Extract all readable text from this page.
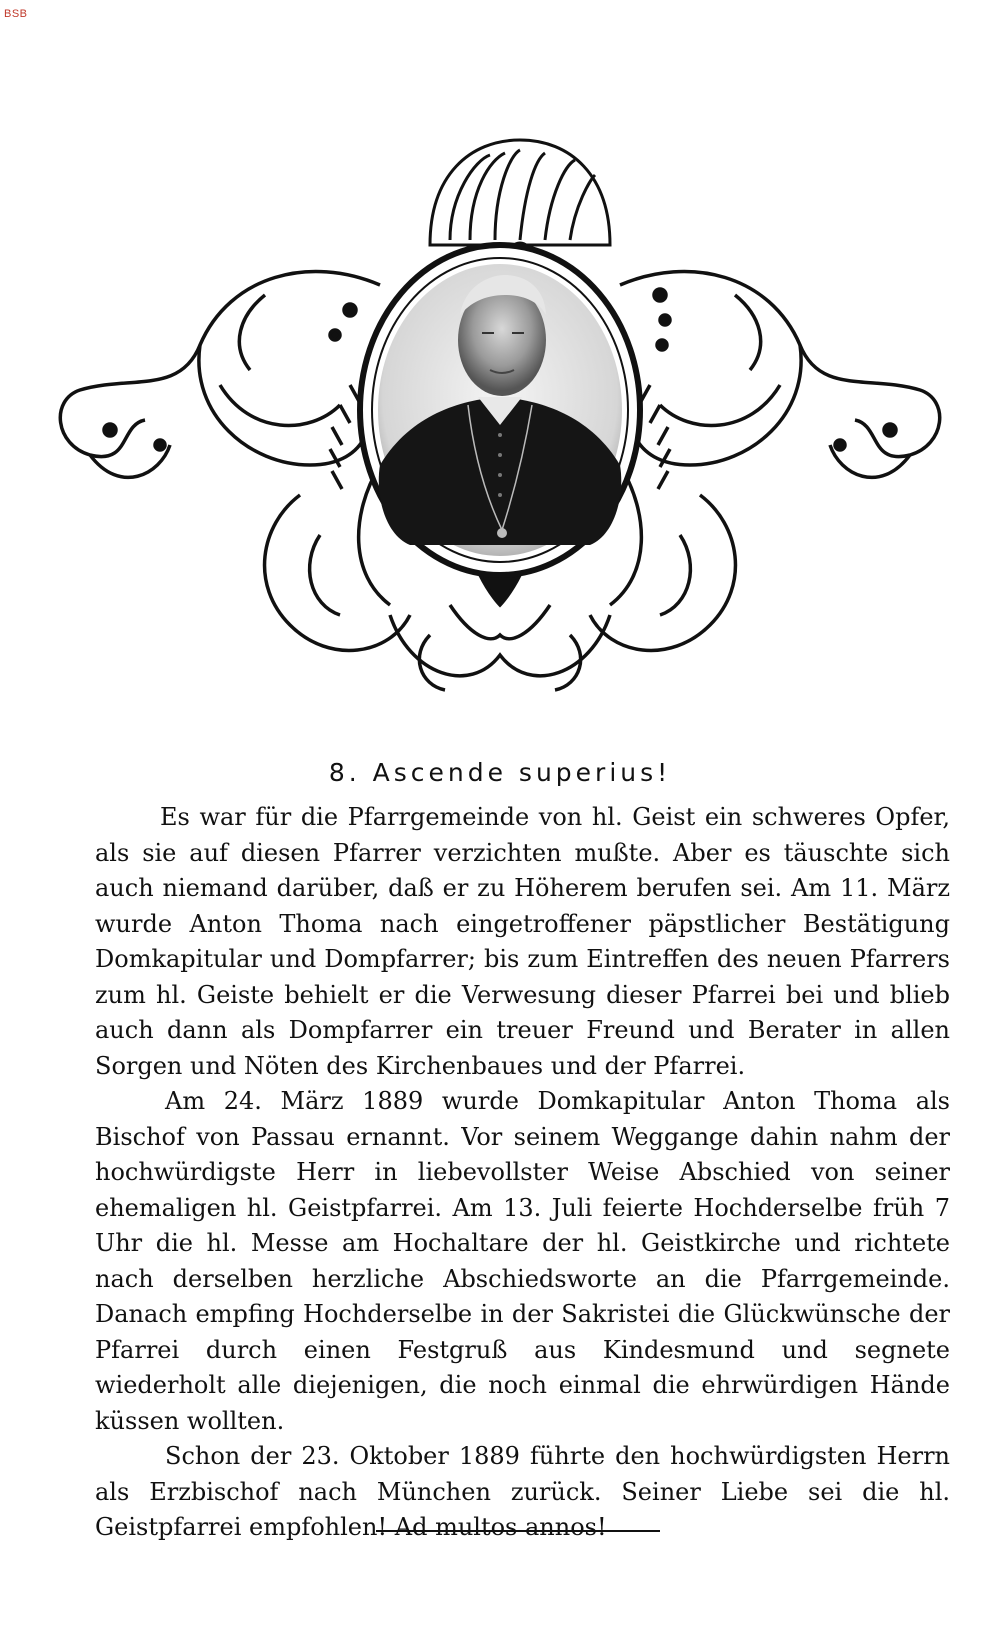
BSB
8. Ascende superius!

Es war für die Pfarrgemeinde von hl. Geist ein schweres Opfer, als sie auf diesen Pfarrer verzichten mußte. Aber es täuschte sich auch niemand darüber, daß er zu Höherem berufen sei. Am 11. März wurde Anton Thoma nach eingetroffener päpstlicher Bestätigung Domkapitular und Dompfarrer; bis zum Eintreffen des neuen Pfarrers zum hl. Geiste behielt er die Verwesung dieser Pfarrei bei und blieb auch dann als Dompfarrer ein treuer Freund und Berater in allen Sorgen und Nöten des Kirchenbaues und der Pfarrei.

Am 24. März 1889 wurde Domkapitular Anton Thoma als Bischof von Passau ernannt. Vor seinem Weggange dahin nahm der hochwürdigste Herr in liebevollster Weise Abschied von seiner ehemaligen hl. Geistpfarrei. Am 13. Juli feierte Hochderselbe früh 7 Uhr die hl. Messe am Hochaltare der hl. Geistkirche und richtete nach derselben herzliche Abschiedsworte an die Pfarrgemeinde. Danach empfing Hochderselbe in der Sakristei die Glückwünsche der Pfarrei durch einen Festgruß aus Kindesmund und segnete wiederholt alle diejenigen, die noch einmal die ehrwürdigen Hände küssen wollten.

Schon der 23. Oktober 1889 führte den hochwürdigsten Herrn als Erzbischof nach München zurück. Seiner Liebe sei die hl. Geistpfarrei empfohlen! Ad multos annos!
